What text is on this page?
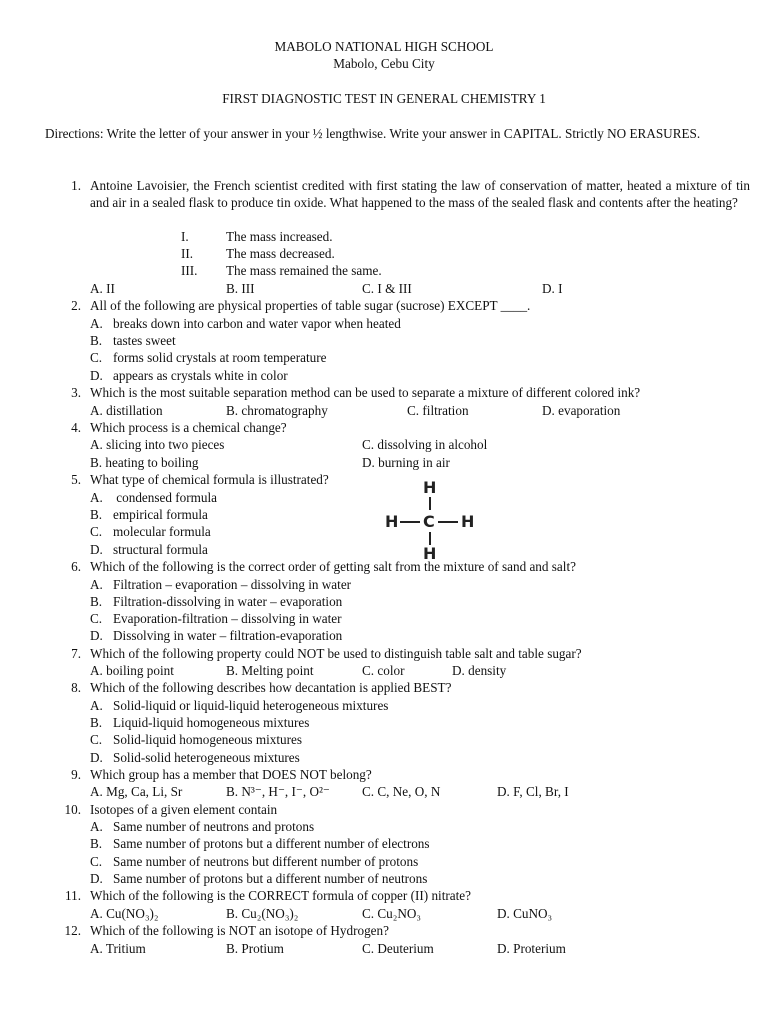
MABOLO NATIONAL HIGH SCHOOL
Mabolo, Cebu City
FIRST DIAGNOSTIC TEST IN GENERAL CHEMISTRY 1
Directions: Write the letter of your answer in your ½ lengthwise. Write your answer in CAPITAL. Strictly NO ERASURES.
1. Antoine Lavoisier, the French scientist credited with first stating the law of conservation of matter, heated a mixture of tin and air in a sealed flask to produce tin oxide. What happened to the mass of the sealed flask and contents after the heating?
I.	The mass increased.
II. The mass decreased.
III. The mass remained the same.
A. II	B. III	C. I & III	D. I
2. All of the following are physical properties of table sugar (sucrose) EXCEPT ____.
A. breaks down into carbon and water vapor when heated
B. tastes sweet
C. forms solid crystals at room temperature
D. appears as crystals white in color
3. Which is the most suitable separation method can be used to separate a mixture of different colored ink?
A. distillation	B. chromatography	C. filtration	D. evaporation
4. Which process is a chemical change?
A. slicing into two pieces	C. dissolving in alcohol
B. heating to boiling	D. burning in air
5. What type of chemical formula is illustrated?
A. condensed formula
B. empirical formula
C. molecular formula
D. structural formula
H
H C H
H
6. Which of the following is the correct order of getting salt from the mixture of sand and salt?
A. Filtration – evaporation – dissolving in water
B. Filtration-dissolving in water – evaporation
C. Evaporation-filtration – dissolving in water
D. Dissolving in water – filtration-evaporation
7. Which of the following property could NOT be used to distinguish table salt and table sugar?
A. boiling point	B. Melting point	C. color	D. density
8. Which of the following describes how decantation is applied BEST?
A. Solid-liquid or liquid-liquid heterogeneous mixtures
B. Liquid-liquid homogeneous mixtures
C. Solid-liquid homogeneous mixtures
D. Solid-solid heterogeneous mixtures
9. Which group has a member that DOES NOT belong?
A. Mg, Ca, Li, Sr	B. N³⁻, H⁻, I⁻, O²⁻ C. C, Ne, O, N	D. F, Cl, Br, I
10. Isotopes of a given element contain
A. Same number of neutrons and protons
B. Same number of protons but a different number of electrons
C. Same number of neutrons but different number of protons
D. Same number of protons but a different number of neutrons
11. Which of the following is the CORRECT formula of copper (II) nitrate?
A. Cu(NO₃)₂	B. Cu₂(NO₃)₂	C. Cu₂NO₃	D. CuNO₃
12. Which of the following is NOT an isotope of Hydrogen?
A. Tritium	B. Protium	C. Deuterium	D. Proterium
